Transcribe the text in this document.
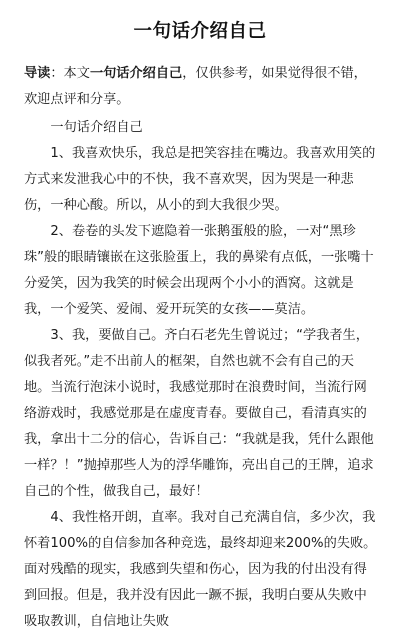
一句话介绍自己

导读：本文一句话介绍自己，仅供参考，如果觉得很不错，欢迎点评和分享。

一句话介绍自己

1、我喜欢快乐，我总是把笑容挂在嘴边。我喜欢用笑的方式来发泄我心中的不快，我不喜欢哭，因为哭是一种悲伤，一种心酸。所以，从小的到大我很少哭。

2、卷卷的头发下遮隐着一张鹅蛋般的脸，一对“黑珍珠”般的眼睛镶嵌在这张脸蛋上，我的鼻梁有点低，一张嘴十分爱笑，因为我笑的时候会出现两个小小的酒窝。这就是我，一个爱笑、爱闹、爱开玩笑的女孩——莫洁。

3、我，要做自己。齐白石老先生曾说过；“学我者生，似我者死。”走不出前人的框架，自然也就不会有自己的天地。当流行泡沫小说时，我感觉那时在浪费时间，当流行网络游戏时，我感觉那是在虚度青春。要做自己，看清真实的我，拿出十二分的信心，告诉自己：“我就是我，凭什么跟他一样？！”抛掉那些人为的浮华雕饰，亮出自己的王牌，追求自己的个性，做我自己，最好！

4、我性格开朗，直率。我对自己充满自信，多少次，我怀着100%的自信参加各种竞选，最终却迎来200%的失败。面对残酷的现实，我感到失望和伤心，因为我的付出没有得到回报。但是，我并没有因此一蹶不振，我明白要从失败中吸取教训，自信地让失败
